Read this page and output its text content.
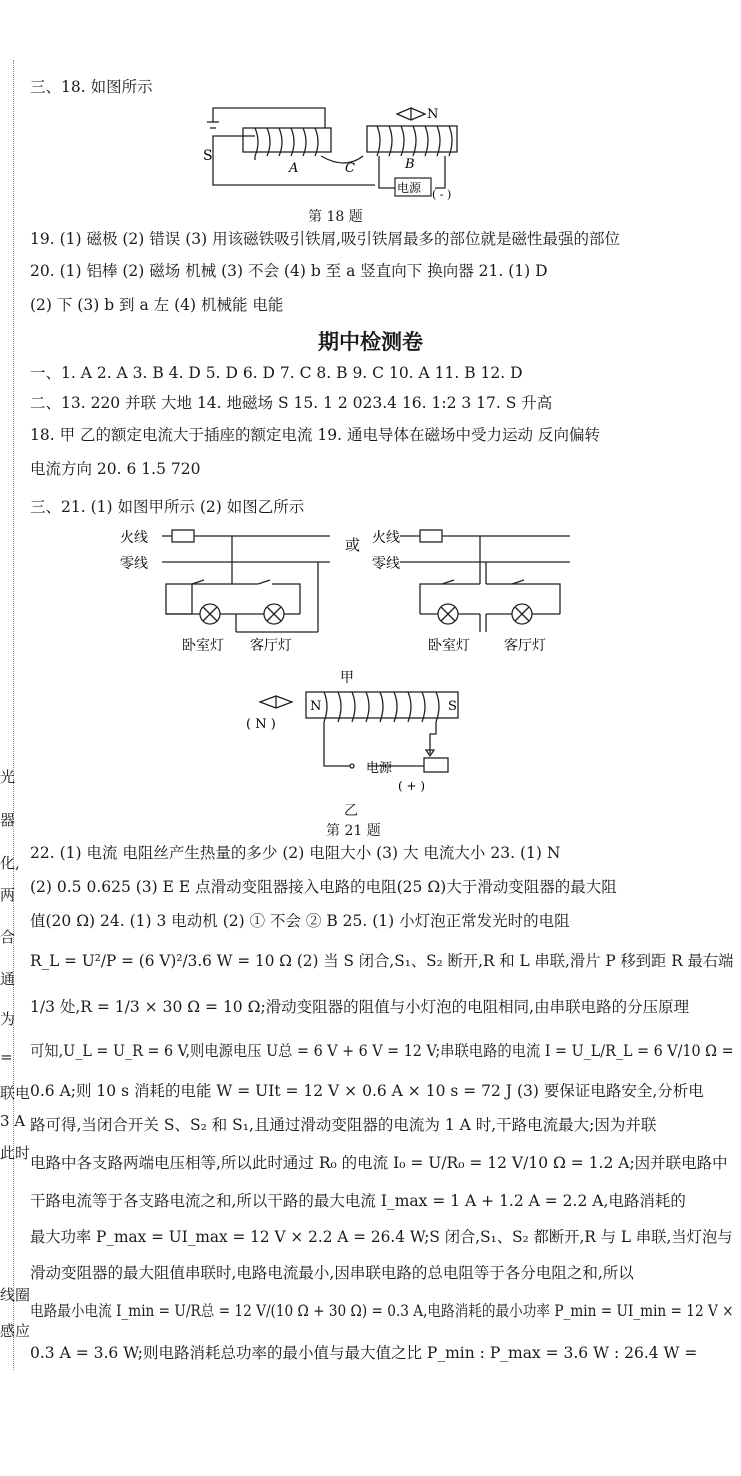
光
器
化,
两
合
通
为
=
联电
3 A
此时
线圈
感应
三、18. 如图所示
S
A	C	B
N
电源 ( - )
第 18 题
19. (1) 磁极 (2) 错误 (3) 用该磁铁吸引铁屑,吸引铁屑最多的部位就是磁性最强的部位
20. (1) 铝棒 (2) 磁场 机械 (3) 不会 (4) b 至 a 竖直向下 换向器 21. (1) D
(2) 下 (3) b 到 a 左 (4) 机械能 电能
期中检测卷
一、1. A 2. A 3. B 4. D 5. D 6. D 7. C 8. B 9. C 10. A 11. B 12. D
二、13. 220 并联 大地 14. 地磁场 S 15. 1 2 023.4 16. 1:2 3 17. S 升高
18. 甲 乙的额定电流大于插座的额定电流 19. 通电导体在磁场中受力运动 反向偏转
电流方向 20. 6 1.5 720
三、21. (1) 如图甲所示 (2) 如图乙所示
火线
零线
卧室灯 客厅灯
或 火线
零线
卧室灯 客厅灯
甲
( N )
N	S
电源
( + )
乙
第 21 题
22. (1) 电流 电阻丝产生热量的多少 (2) 电阻大小 (3) 大 电流大小 23. (1) N
(2) 0.5 0.625 (3) E E 点滑动变阻器接入电路的电阻(25 Ω)大于滑动变阻器的最大阻
值(20 Ω) 24. (1) 3 电动机 (2) ① 不会 ② B 25. (1) 小灯泡正常发光时的电阻
R_L = U²/P = (6 V)²/3.6 W = 10 Ω (2) 当 S 闭合,S₁、S₂ 断开,R 和 L 串联,滑片 P 移到距 R 最右端
1/3 处,R = 1/3 × 30 Ω = 10 Ω;滑动变阻器的阻值与小灯泡的电阻相同,由串联电路的分压原理
可知,U_L = U_R = 6 V,则电源电压 U总 = 6 V + 6 V = 12 V;串联电路的电流 I = U_L/R_L = 6 V/10 Ω =
0.6 A;则 10 s 消耗的电能 W = UIt = 12 V × 0.6 A × 10 s = 72 J (3) 要保证电路安全,分析电
路可得,当闭合开关 S、S₂ 和 S₁,且通过滑动变阻器的电流为 1 A 时,干路电流最大;因为并联
电路中各支路两端电压相等,所以此时通过 R₀ 的电流 I₀ = U/R₀ = 12 V/10 Ω = 1.2 A;因并联电路中
干路电流等于各支路电流之和,所以干路的最大电流 I_max = 1 A + 1.2 A = 2.2 A,电路消耗的
最大功率 P_max = UI_max = 12 V × 2.2 A = 26.4 W;S 闭合,S₁、S₂ 都断开,R 与 L 串联,当灯泡与
滑动变阻器的最大阻值串联时,电路电流最小,因串联电路的总电阻等于各分电阻之和,所以
电路最小电流 I_min = U/R总 = 12 V/(10 Ω + 30 Ω) = 0.3 A,电路消耗的最小功率 P_min = UI_min = 12 V ×
0.3 A = 3.6 W;则电路消耗总功率的最小值与最大值之比 P_min : P_max = 3.6 W : 26.4 W =
